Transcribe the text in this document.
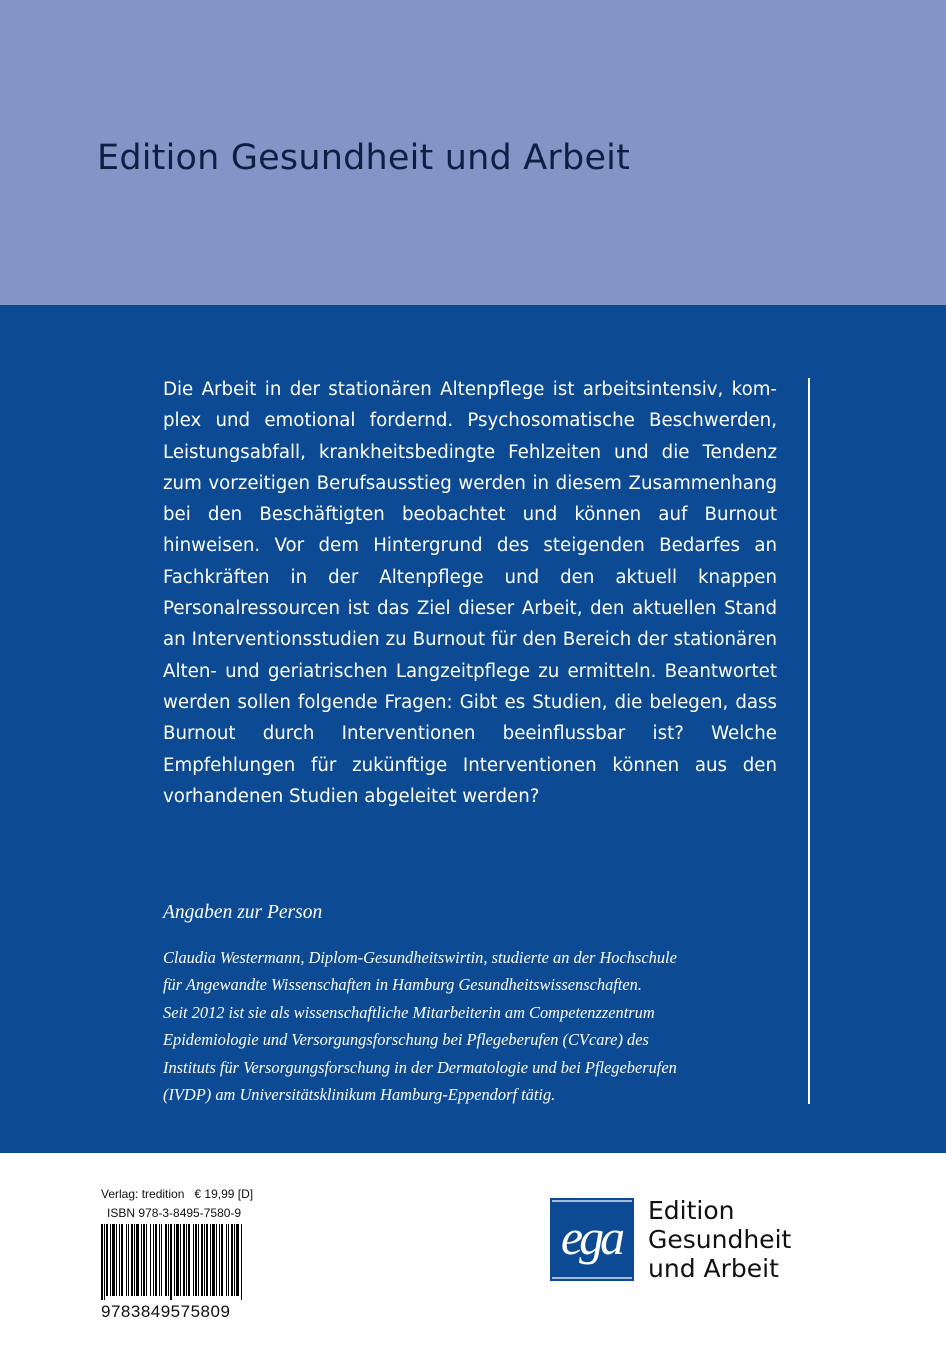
Edition Gesundheit und Arbeit

Die Arbeit in der stationären Altenpflege ist arbeitsintensiv, komplex und emotional fordernd. Psychosomatische Beschwerden, Leistungsabfall, krankheitsbedingte Fehlzeiten und die Tendenz zum vorzeitigen Berufsausstieg werden in diesem Zusammenhang bei den Beschäftigten beobachtet und können auf Burnout hinweisen. Vor dem Hintergrund des steigenden Bedarfes an Fachkräften in der Altenpflege und den aktuell knappen Personalressourcen ist das Ziel dieser Arbeit, den aktuellen Stand an Interventionsstudien zu Burnout für den Bereich der stationären Alten- und geriatrischen Langzeitpflege zu ermitteln. Beantwortet werden sollen folgende Fragen: Gibt es Studien, die belegen, dass Burnout durch Interventionen beeinflussbar ist? Welche Empfehlungen für zukünftige Interventionen können aus den vorhandenen Studien abgeleitet werden?

Angaben zur Person
Claudia Westermann, Diplom-Gesundheitswirtin, studierte an der Hochschule
für Angewandte Wissenschaften in Hamburg Gesundheitswissenschaften.
Seit 2012 ist sie als wissenschaftliche Mitarbeiterin am Competenzzentrum
Epidemiologie und Versorgungsforschung bei Pflegeberufen (CVcare) des
Instituts für Versorgungsforschung in der Dermatologie und bei Pflegeberufen
(IVDP) am Universitätsklinikum Hamburg-Eppendorf tätig.
Verlag: tredition   € 19,99 [D]
ISBN 978-3-8495-7580-9
9783849575809
ega Edition
Gesundheit
und Arbeit
